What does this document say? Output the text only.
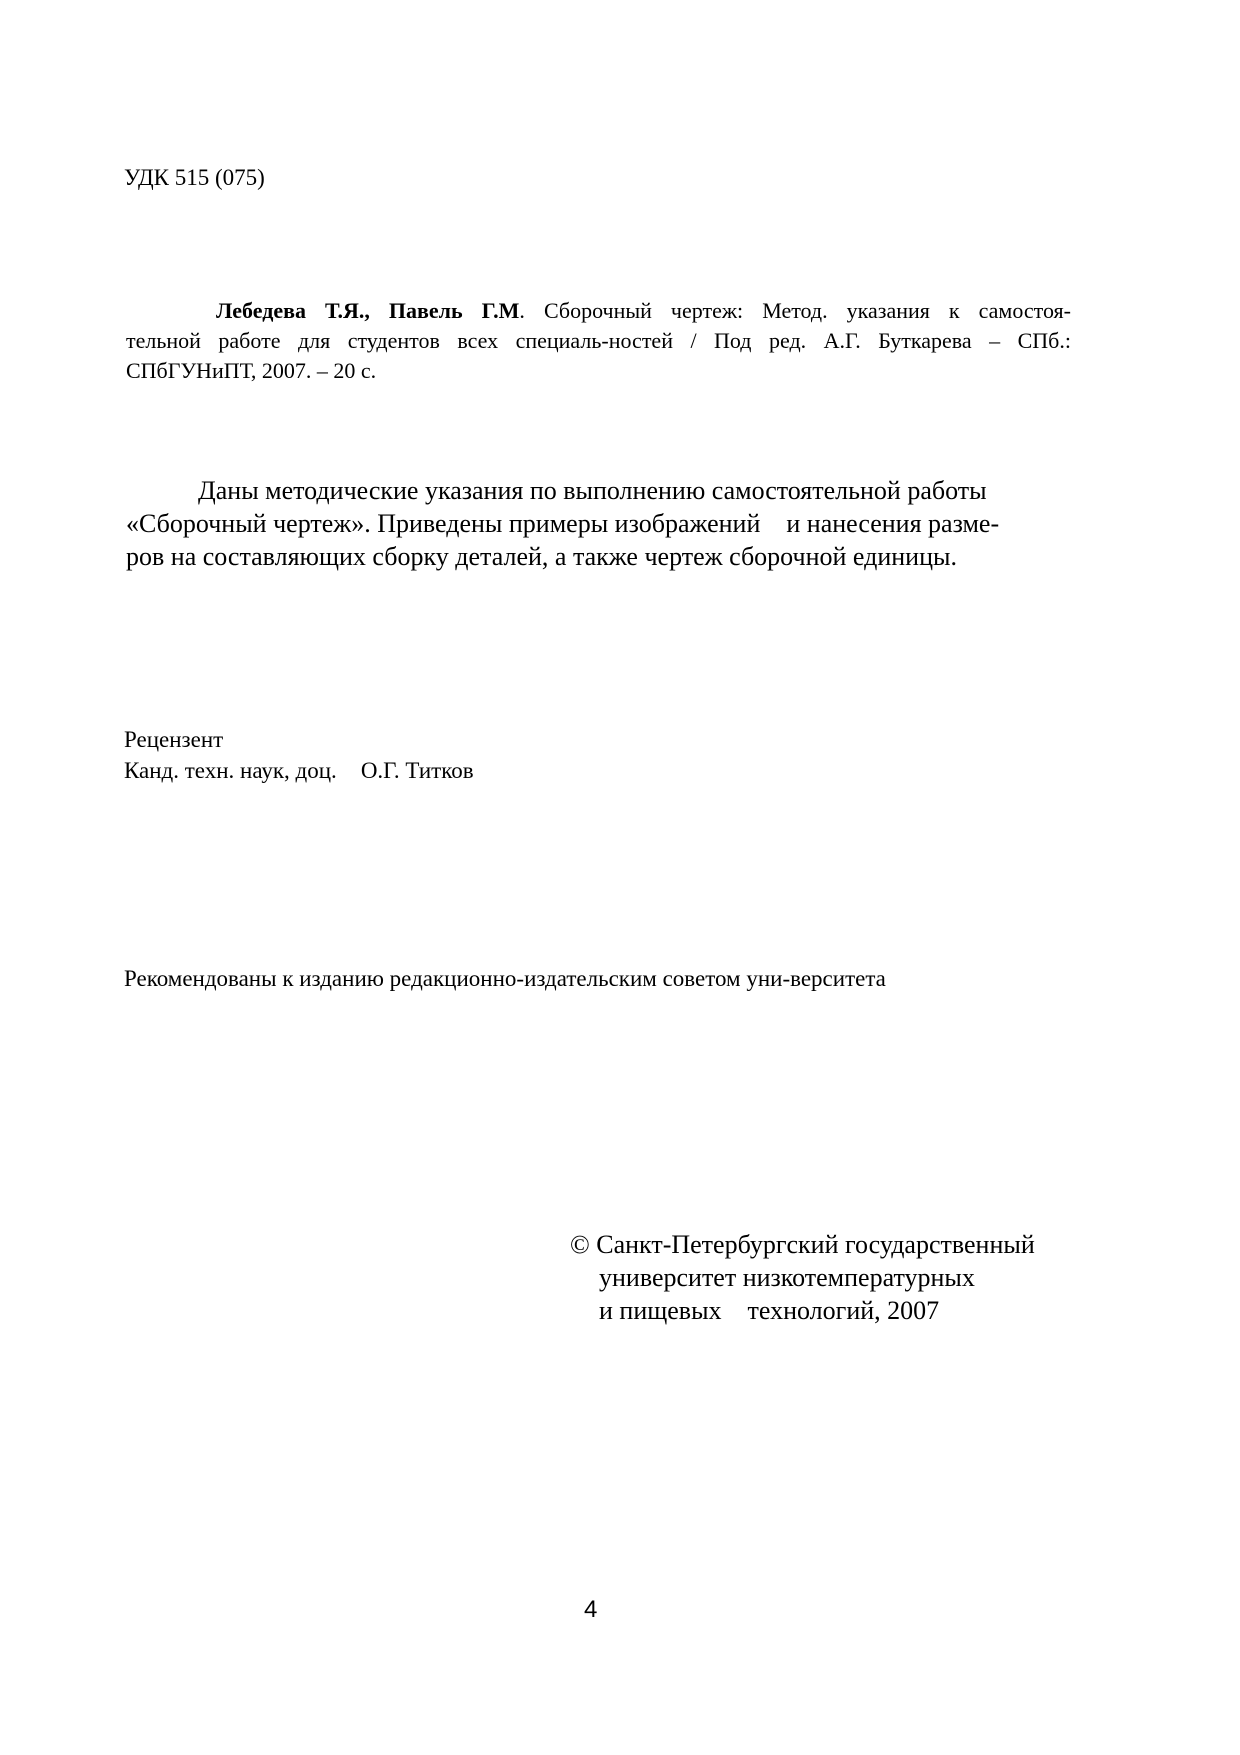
УДК 515 (075)
Лебедева Т.Я., Павель Г.М. Сборочный чертеж: Метод. указания к самостоя-
тельной работе для студентов всех специаль-ностей / Под ред. А.Г. Буткарева – СПб.:
СПбГУНиПТ, 2007. – 20 с.
Даны методические указания по выполнению самостоятельной работы
«Сборочный чертеж». Приведены примеры изображений    и нанесения разме-
ров на составляющих сборку деталей, а также чертеж сборочной единицы.
Рецензент
Канд. техн. наук, доц. О.Г. Титков
Рекомендованы к изданию редакционно-издательским советом уни-верситета
© Санкт-Петербургский государственный
университет низкотемпературных
и пищевых    технологий, 2007
4
